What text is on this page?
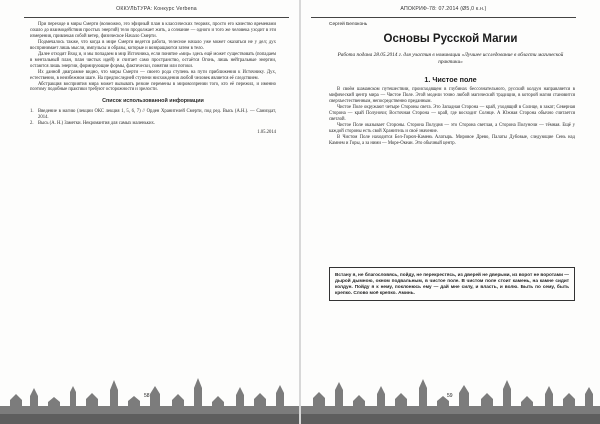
ОККУЛЬТУРА: Конкурс Verbena

При переходе в миры Смерти (возможно, это эфирный план в классических теориях, просто его качество временами сошло до взаимодействия простых энергий) тело продолжает жить, а сознание — одного и того же человека уходит в эти измерения, привлекая собой ветер, физическое Начало Смерти.

Подмечалось также, что когда в мире Смерти ведется работа, телесное начало уже может оказаться не у дел; дух воспринимает лишь мысли, импульсы и образы, которые и возвращаются затем в тело.

Далее отходят Вход и, и мы попадаем в мир Источника, если понятие «мир» здесь ещё может существовать (попадаем в ментальный план, план чистых идей) и считает само пространство, остаётся Огонь, лишь нейтральные энергии, остаются лишь энергии, формирующие формы, фактически, понятия или потоки.

Их данной диаграмме видно, что миры Смерти — своего рода ступень на пути приближения к Источнику. Дух, естественно, в неизбежном шаге. На предпоследней ступени нисхождения любой человек является её следствием.

Абстракция восприятия мира может вызывать резкие перемены в мировоззрении того, кто её пережил, и именно поэтому подобные практики требуют осторожности и зрелости.

Список использованной информации
1. Введение в магию (лекции ОКС лекция 1, 5, 6, 7) // Орден Хранителей Смерти, под ред. Высь (А.Н.). — Самиздат, 2014.
2. Высь (А. Н.) Заметки. Некромантия для самых маленьких.
1.05.2014
58
АПОКРИФ-78: 07.2014 (Ø5,0 к.н.)
Сергей Белоконь
Основы Русской Магии
Работа подана 28.05.2014 г. для участия в номинации «Лучшее исследование в области магической практики»
1. Чистое поле

В своём шаманском путешествии, происходящем в глубинах бессознательного, русский колдун направляется в мифический центр мира — Чистое Поле. Этой модели точно любой магический традиции, в которой магия становится сверхъестественным, непосредственно преданным.

Чистое Поле окружают четыре Стороны света. Это Западная Сторона — край, уходящий в Солнце, в закат; Северная Сторона — край Полуночи; Восточная Сторона — край, где восходит Солнце. А Южная Сторона обычно считается светлой.

Чистое Поле оказывает Стороны. Сторона Полудня — это Сторона светлая, а Сторона Полуночи — тёмная. Ещё у каждой стороны есть свой Хранитель и своё значение.

В Чистом Поле находится Бел-Горюч-Камень Алатырь. Мировое Древо, Палаты Дубовые, следующие Сень над Камнем и Горы, а за ними — Море-Океан. Это обычный центр.

Встану я, не благословясь, пойду, не перекрестясь, из дверей не дверьми, из ворот не воротами — дырой дымною, окном подвальным, в чистое поле. В чистом поле стоит камень, на камне сидит колдун. Пойду я к нему, поклонюсь ему — дай мне силу, и власть, и волю. Быть по сему, быть крепко. Слово моё крепко. Аминь.
59
